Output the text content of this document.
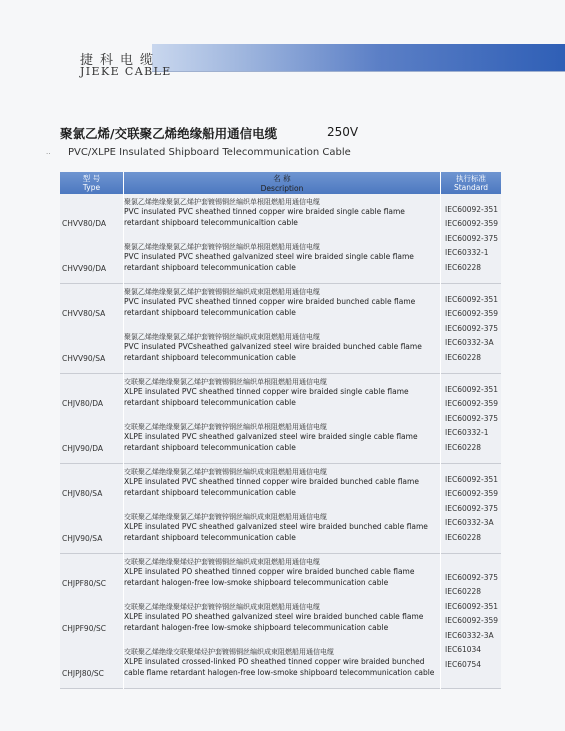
捷科电缆
JIEKE CABLE
聚氯乙烯/交联聚乙烯绝缘船用通信电缆	250V
·· PVC/XLPE Insulated Shipboard Telecommunication Cable
型 号
Type
名 称
Description
执行标准
Standard
CHVV80/DA
聚氯乙烯绝缘聚氯乙烯护套镀锡铜丝编织单根阻燃船用通信电缆
PVC insulated PVC sheathed tinned copper wire braided single cable flame retardant shipboard telecommunicaltion cable
CHVV90/DA
聚氯乙烯绝缘聚氯乙烯护套镀锌钢丝编织单根阻燃船用通信电缆
PVC insulated PVC sheathed galvanized steel wire braided single cable flame retardant shipboard telecommunication cable
IEC60092-351
IEC60092-359
IEC60092-375
IEC60332-1
IEC60228
CHVV80/SA
聚氯乙烯绝缘聚氯乙烯护套镀锡铜丝编织成束阻燃船用通信电缆
PVC insulated PVC sheathed tinned copper wire braided bunched cable flame retardant shipboard telecommunication cable
CHVV90/SA
聚氯乙烯绝缘聚氯乙烯护套镀锌钢丝编织成束阻燃船用通信电缆
PVC insulated PVCsheathed galvanized steel wire braided bunched cable flame retardant shipboard telecommunication cable
IEC60092-351
IEC60092-359
IEC60092-375
IEC60332-3A
IEC60228
CHJV80/DA
交联聚乙烯绝缘聚氯乙烯护套镀锡铜丝编织单根阻燃船用通信电缆
XLPE insulated PVC sheathed tinned copper wire braided single cable flame retardant shipboard telecommunication cable
CHJV90/DA
交联聚乙烯绝缘聚氯乙烯护套镀锌钢丝编织单根阻燃船用通信电缆
XLPE insulated PVC sheathed galvanized steel wire braided single cable flame retardant shipboard telecommunication cable
IEC60092-351
IEC60092-359
IEC60092-375
IEC60332-1
IEC60228
CHJV80/SA
交联聚乙烯绝缘聚氯乙烯护套镀锡铜丝编织成束阻燃船用通信电缆
XLPE insulated PVC sheathed tinned copper wire braided bunched cable flame retardant shipboard telecommunication cable
CHJV90/SA
交联聚乙烯绝缘聚氯乙烯护套镀锌钢丝编织成束阻燃船用通信电缆
XLPE insulated PVC sheathed galvanized steel wire braided bunched cable flame retardant shipboard telecommunication cable
IEC60092-351
IEC60092-359
IEC60092-375
IEC60332-3A
IEC60228
CHJPF80/SC
交联聚乙烯绝缘聚烯烃护套镀锡铜丝编织成束阻燃船用通信电缆
XLPE insulated PO sheathed tinned copper wire braided bunched cable flame retardant halogen-free low-smoke shipboard telecommunication cable
CHJPF90/SC
交联聚乙烯绝缘聚烯烃护套镀锌钢丝编织成束阻燃船用通信电缆
XLPE insulated PO sheathed galvanized steel wire braided bunched cable flame retardant halogen-free low-smoke shipboard telecommunication cable
CHJPJ80/SC
交联聚乙烯绝缘交联聚烯烃护套镀锡铜丝编织成束阻燃船用通信电缆
XLPE insulated crossed-linked PO sheathed tinned copper wire braided bunched cable flame retardant halogen-free low-smoke shipboard telecommunication cable
IEC60092-375
IEC60228
IEC60092-351
IEC60092-359
IEC60332-3A
IEC61034
IEC60754
